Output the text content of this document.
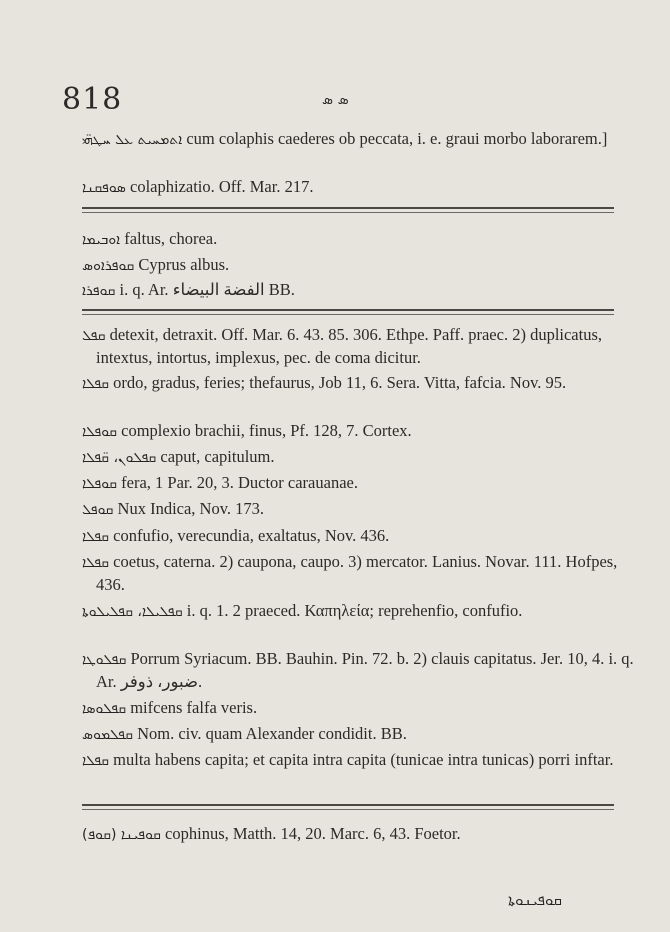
818	ܣ ܣ
ܐܬܡܚܝܬ ܥܠ ܚܛܗܝ̈ cum colaphis caederes ob peccata, i. e. graui morbo laborarem.]
ܣܘܦܩܢܐ colaphizatio. Off. Mar. 217.
ܐܘܒܝܡܐ faltus, chorea.
ܩܘܦܪܐܘܣ Cyprus albus.
ܩܘܦܪܐ i. q. Ar. الفضة البيضاء BB.
ܩܦܠ detexit, detraxit. Off. Mar. 6. 43. 85. 306. Ethpe. Paff. praec. 2) duplicatus, intextus, intortus, implexus, pec. de coma dicitur.
ܩܦܠܐ ordo, gradus, feries; thefaurus, Job 11, 6. Sera. Vitta, fafcia. Nov. 95.
ܩܘܦܠܐ complexio brachii, finus, Pf. 128, 7. Cortex.
ܩܦܠܘܢ، ܩ̈ܦܠܐ caput, capitulum.
ܩܘܦܠܐ fera, 1 Par. 20, 3. Ductor carauanae.
ܩܘܦܠ Nux Indica, Nov. 173.
ܩܦܠܐ confufio, verecundia, exaltatus, Nov. 436.
ܩܦܠܐ coetus, caterna. 2) caupona, caupo. 3) mercator. Lanius. Novar. 111. Hofpes, 436.
ܩܦܠܝܠܐ، ܩܦܠܝܠܘܬܐ i. q. 1. 2 praeced. Καπηλεία; reprehenfio, confufio.
ܩܦܠܘܛܐ Porrum Syriacum. BB. Bauhin. Pin. 72. b. 2) clauis capitatus. Jer. 10, 4. i. q. Ar. ضبور، ذوفر.
ܩܦܠܘܣܐ mifcens falfa veris.
ܩܦܠܡܘܣ Nom. civ. quam Alexander condidit. BB.
ܩܦܠܐ multa habens capita; et capita intra capita (tunicae intra tunicas) porri inftar.
(ܩܘܦ) ܩܘܦܝܢܐ cophinus, Matth. 14, 20. Marc. 6, 43. Foetor.
ܩܘܦܝܢܘܬܐ
